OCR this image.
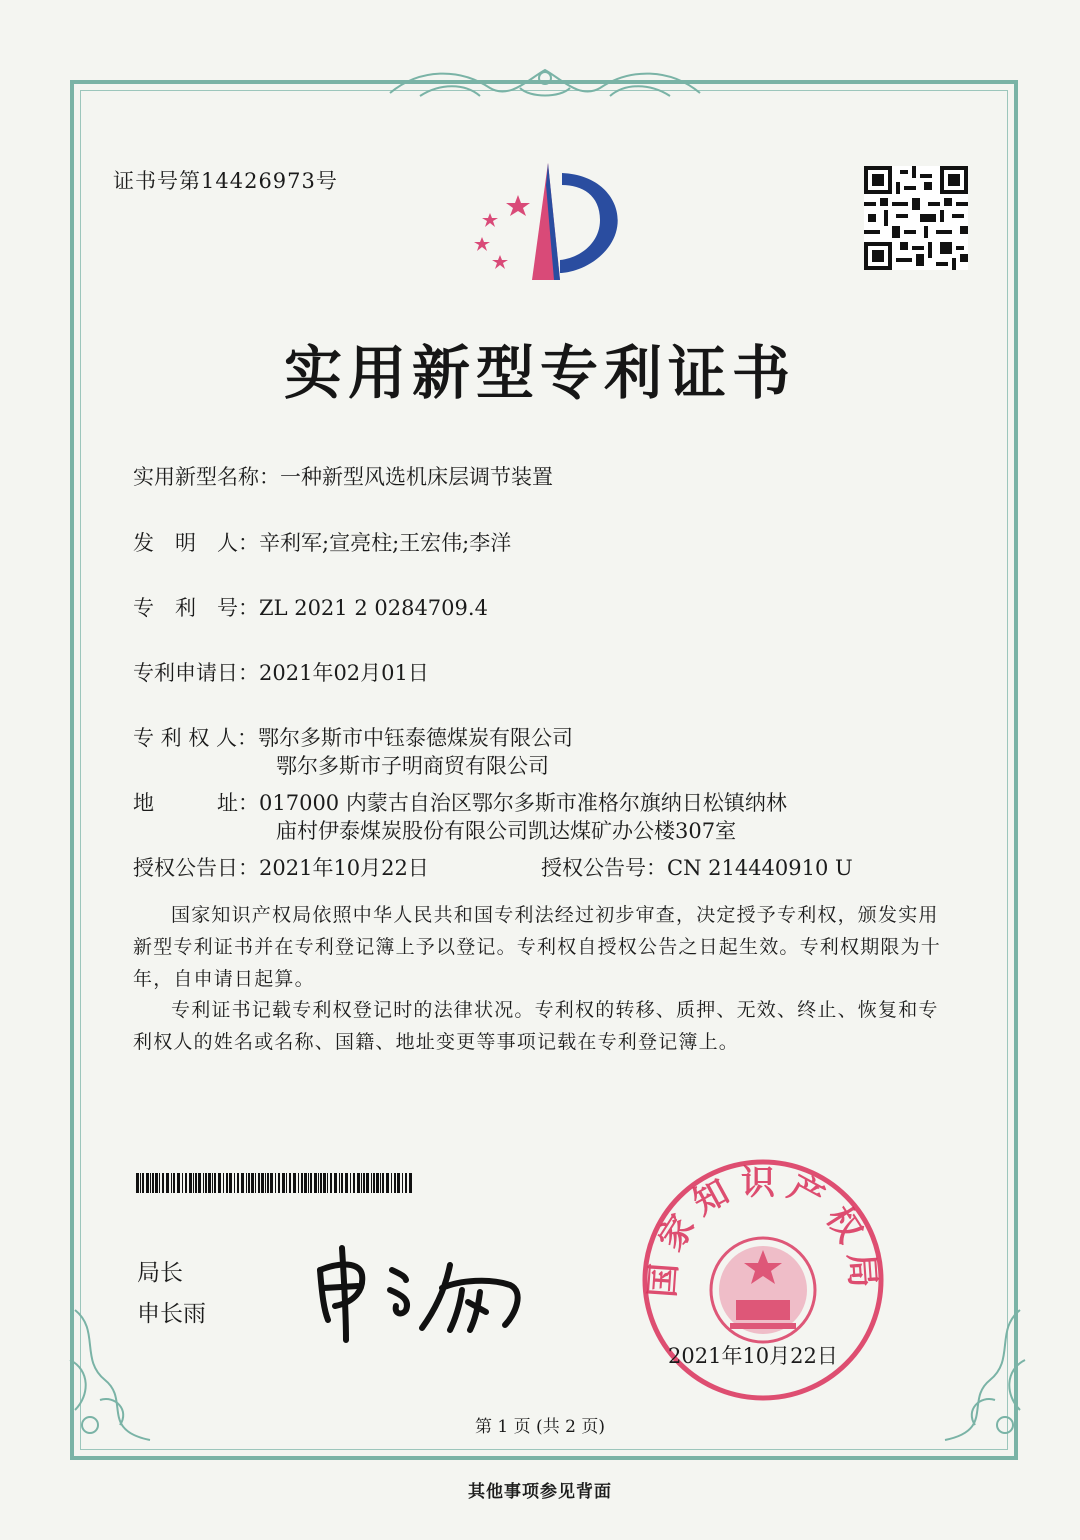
证书号第14426973号
实用新型专利证书
实用新型名称：一种新型风选机床层调节装置
发　明　人：辛利军;宣亮柱;王宏伟;李洋
专　利　号：ZL 2021 2 0284709.4
专利申请日：2021年02月01日
专 利 权 人：鄂尔多斯市中钰泰德煤炭有限公司
鄂尔多斯市子明商贸有限公司
地　　　址：017000 内蒙古自治区鄂尔多斯市准格尔旗纳日松镇纳林
庙村伊泰煤炭股份有限公司凯达煤矿办公楼307室
授权公告日：2021年10月22日	授权公告号：CN 214440910 U
国家知识产权局依照中华人民共和国专利法经过初步审查，决定授予专利权，颁发实用新型专利证书并在专利登记簿上予以登记。专利权自授权公告之日起生效。专利权期限为十年，自申请日起算。
专利证书记载专利权登记时的法律状况。专利权的转移、质押、无效、终止、恢复和专利权人的姓名或名称、国籍、地址变更等事项记载在专利登记簿上。
局长
申长雨
国家知识产权局
2021年10月22日
第 1 页 (共 2 页)
其他事项参见背面
